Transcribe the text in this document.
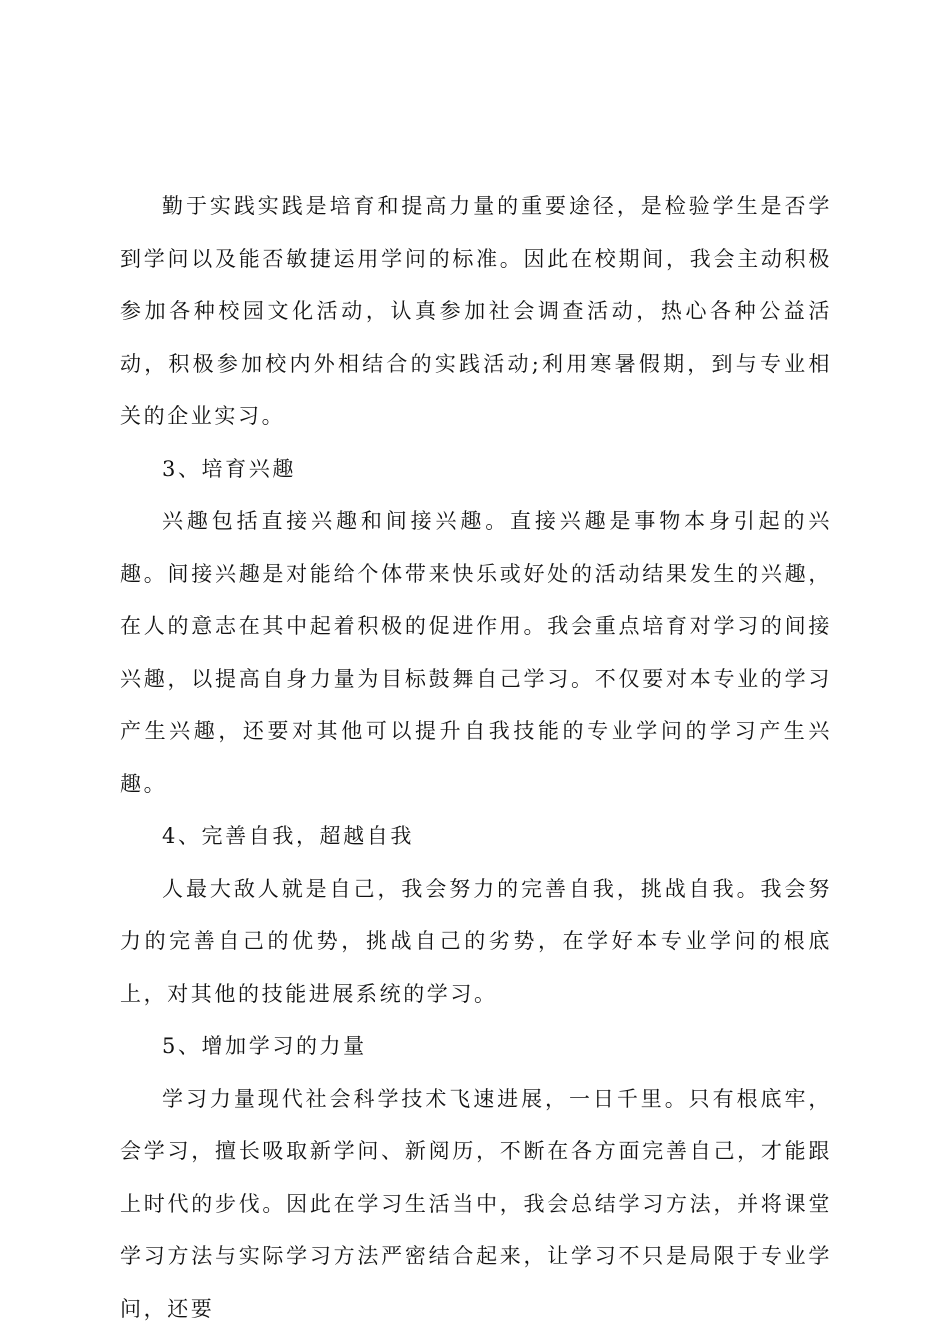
勤于实践实践是培育和提高力量的重要途径，是检验学生是否学到学问以及能否敏捷运用学问的标准。因此在校期间，我会主动积极参加各种校园文化活动，认真参加社会调查活动，热心各种公益活动，积极参加校内外相结合的实践活动;利用寒暑假期，到与专业相关的企业实习。

3、培育兴趣

兴趣包括直接兴趣和间接兴趣。直接兴趣是事物本身引起的兴趣。间接兴趣是对能给个体带来快乐或好处的活动结果发生的兴趣，在人的意志在其中起着积极的促进作用。我会重点培育对学习的间接兴趣，以提高自身力量为目标鼓舞自己学习。不仅要对本专业的学习产生兴趣，还要对其他可以提升自我技能的专业学问的学习产生兴趣。

4、完善自我，超越自我

人最大敌人就是自己，我会努力的完善自我，挑战自我。我会努力的完善自己的优势，挑战自己的劣势，在学好本专业学问的根底上，对其他的技能进展系统的学习。

5、增加学习的力量

学习力量现代社会科学技术飞速进展，一日千里。只有根底牢，会学习，擅长吸取新学问、新阅历，不断在各方面完善自己，才能跟上时代的步伐。因此在学习生活当中，我会总结学习方法，并将课堂学习方法与实际学习方法严密结合起来，让学习不只是局限于专业学问，还要
